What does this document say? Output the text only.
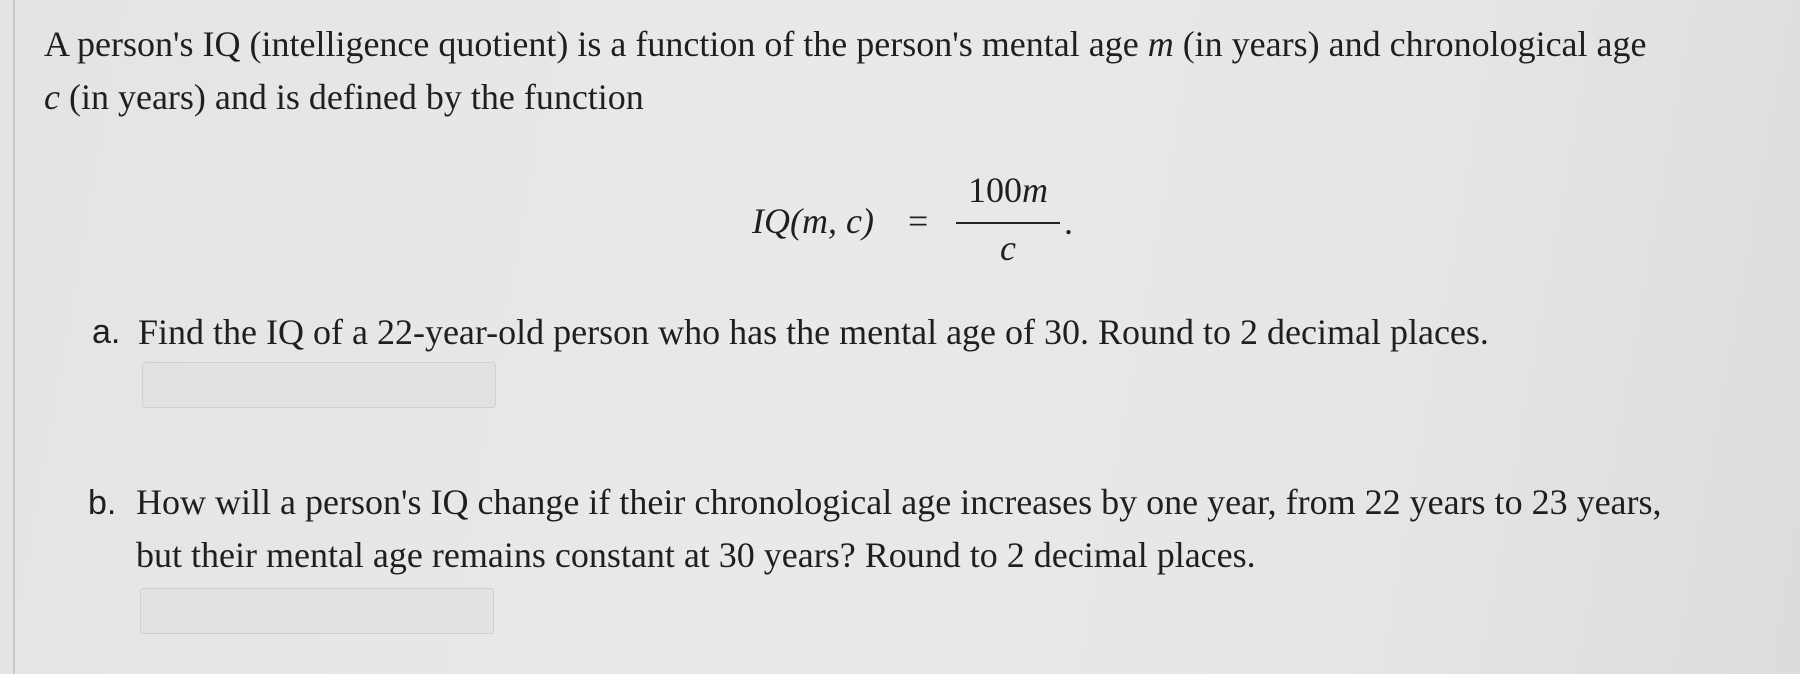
A person's IQ (intelligence quotient) is a function of the person's mental age m (in years) and chronological age
c (in years) and is defined by the function

IQ(m, c) =
100m
c
.
a. Find the IQ of a 22-year-old person who has the mental age of 30. Round to 2 decimal places.

b. How will a person's IQ change if their chronological age increases by one year, from 22 years to 23 years,
but their mental age remains constant at 30 years? Round to 2 decimal places.
